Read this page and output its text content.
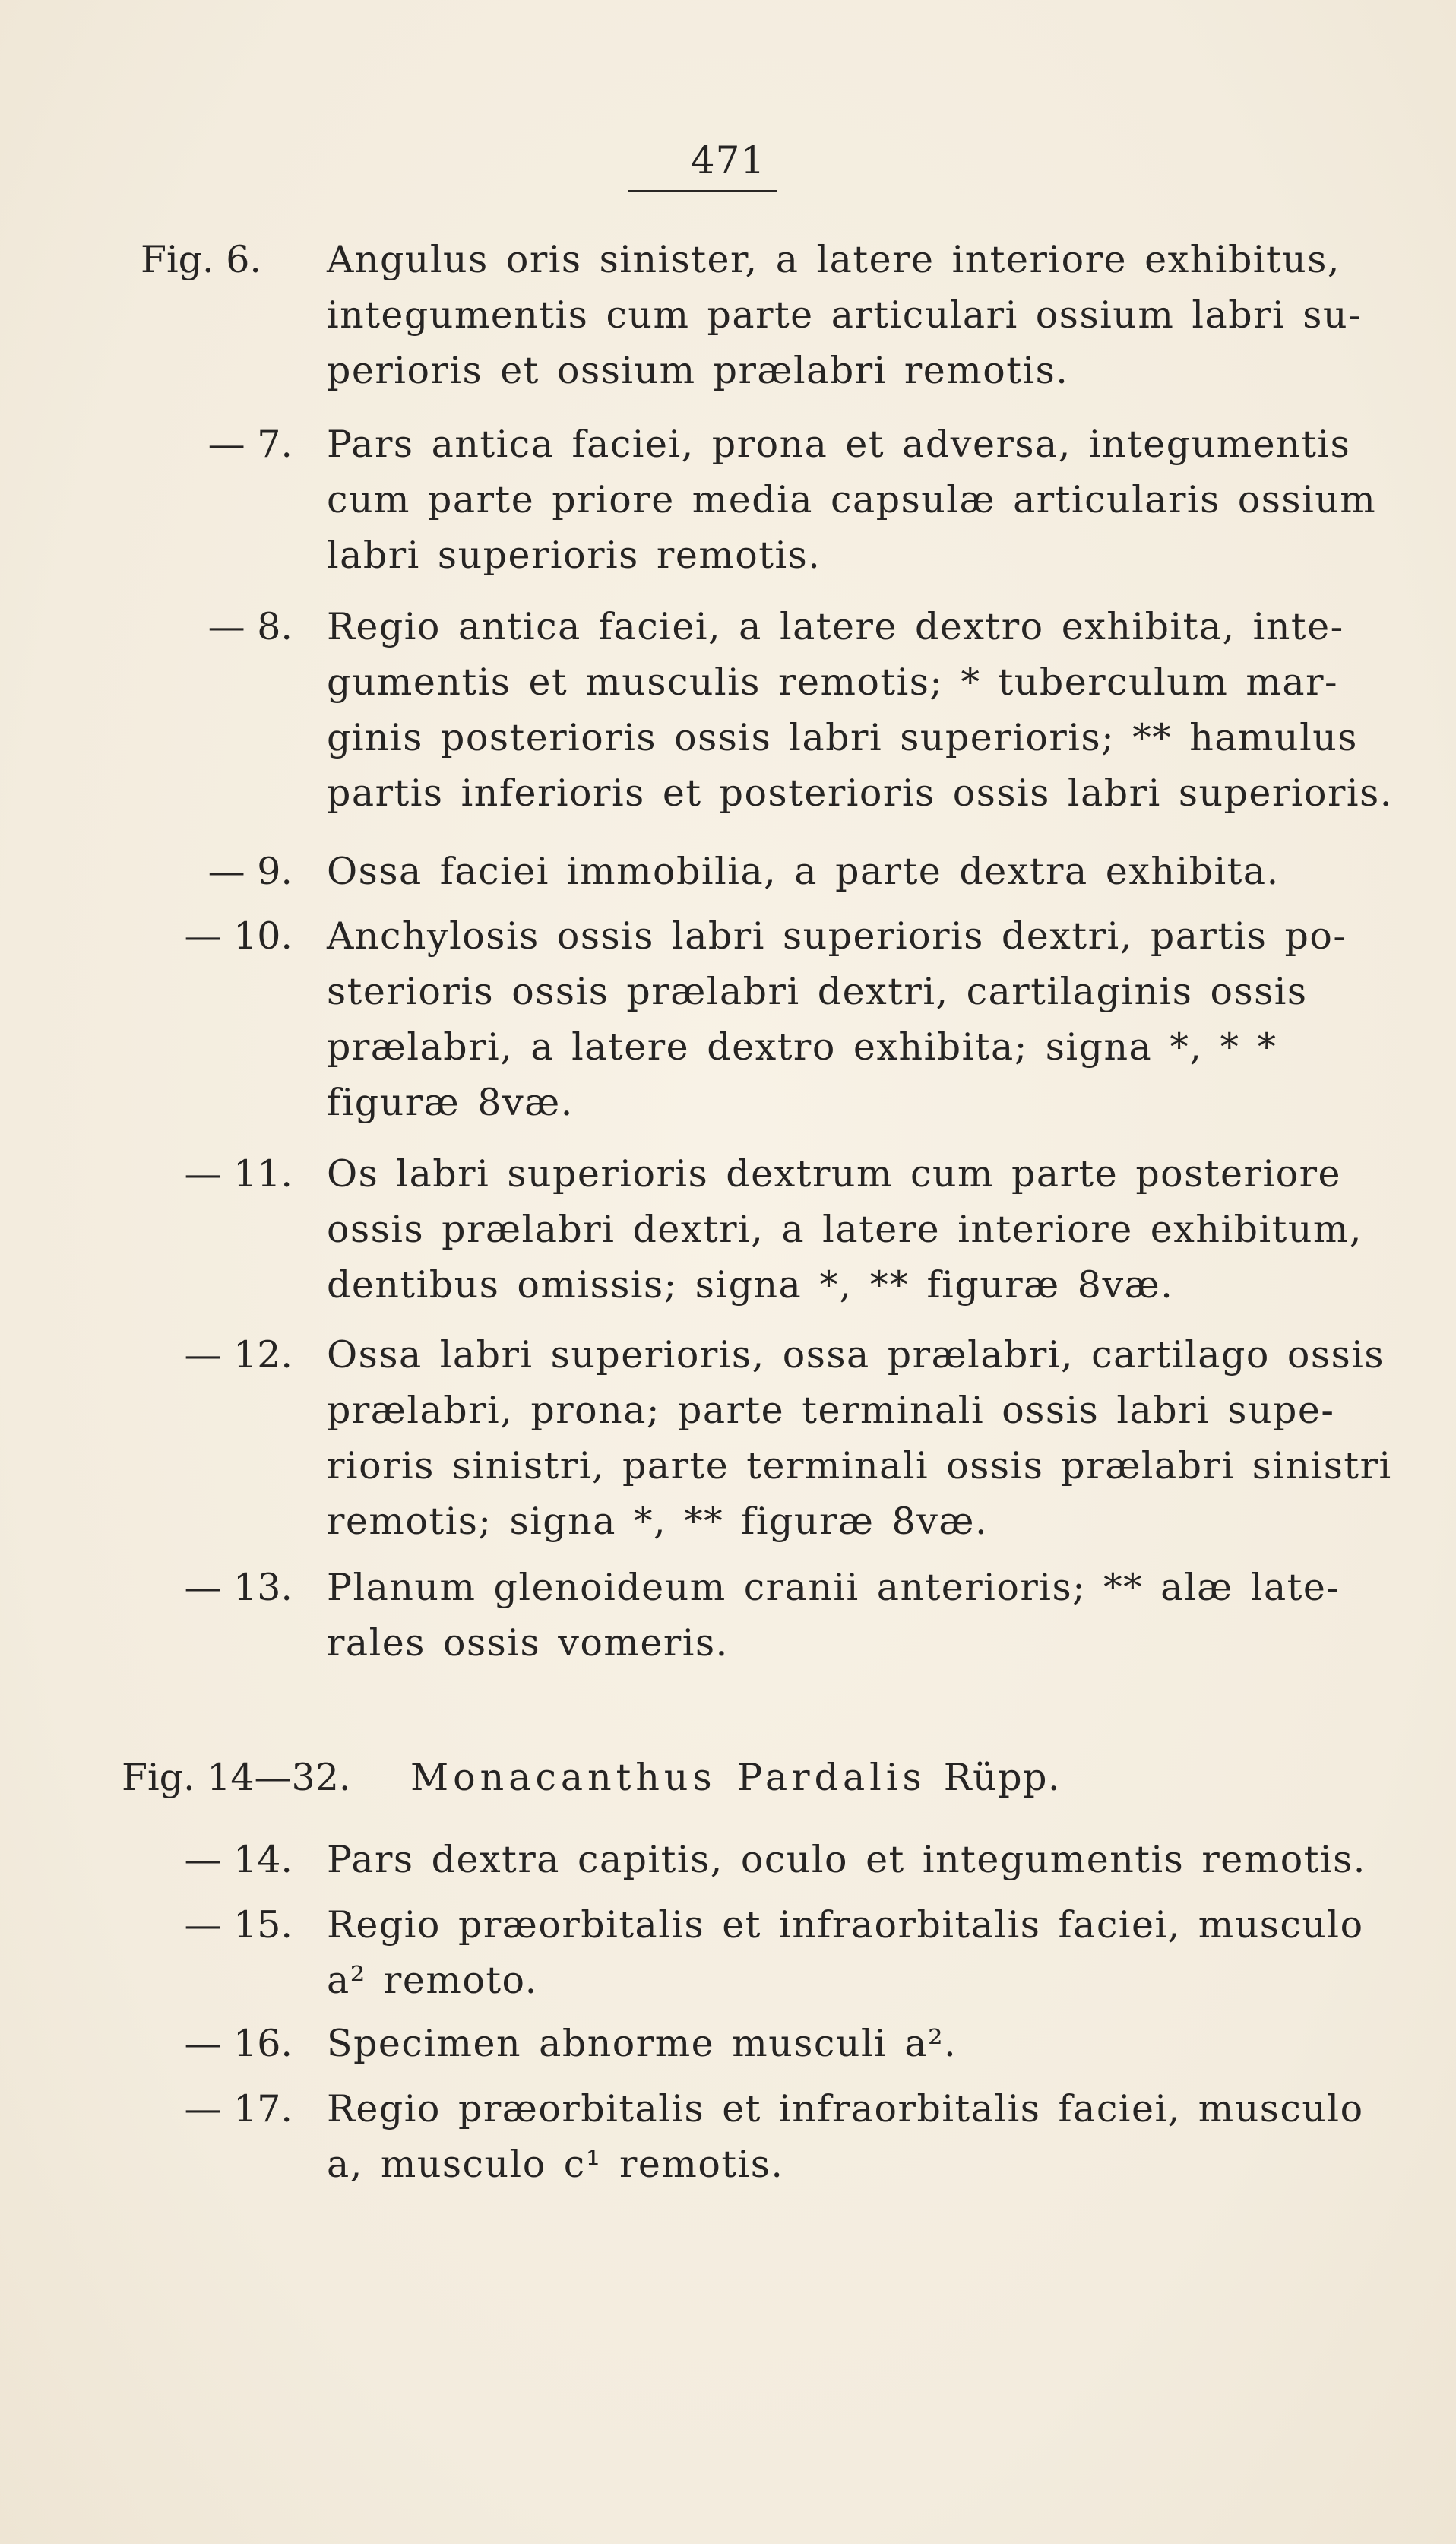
471
Fig. 6.	Angulus oris sinister, a latere interiore exhibitus,
integumentis cum parte articulari ossium labri su-
perioris et ossium prælabri remotis.
— 7. Pars antica faciei, prona et adversa, integumentis
cum parte priore media capsulæ articularis ossium
labri superioris remotis.
— 8. Regio antica faciei, a latere dextro exhibita, inte-
gumentis et musculis remotis; * tuberculum mar-
ginis posterioris ossis labri superioris; ** hamulus
partis inferioris et posterioris ossis labri superioris.
— 9. Ossa faciei immobilia, a parte dextra exhibita.
— 10. Anchylosis ossis labri superioris dextri, partis po-
sterioris ossis prælabri dextri, cartilaginis ossis
prælabri, a latere dextro exhibita; signa *, * *
figuræ 8væ.
— 11. Os labri superioris dextrum cum parte posteriore
ossis prælabri dextri, a latere interiore exhibitum,
dentibus omissis; signa *, ** figuræ 8væ.
— 12. Ossa labri superioris, ossa prælabri, cartilago ossis
prælabri, prona; parte terminali ossis labri supe-
rioris sinistri, parte terminali ossis prælabri sinistri
remotis; signa *, ** figuræ 8væ.
— 13. Planum glenoideum cranii anterioris; ** alæ late-
rales ossis vomeris.
Fig. 14—32.	Monacanthus Pardalis Rüpp.
— 14. Pars dextra capitis, oculo et integumentis remotis.
— 15. Regio præorbitalis et infraorbitalis faciei, musculo
a² remoto.
— 16. Specimen abnorme musculi a².
— 17. Regio præorbitalis et infraorbitalis faciei, musculo
a, musculo c¹ remotis.
